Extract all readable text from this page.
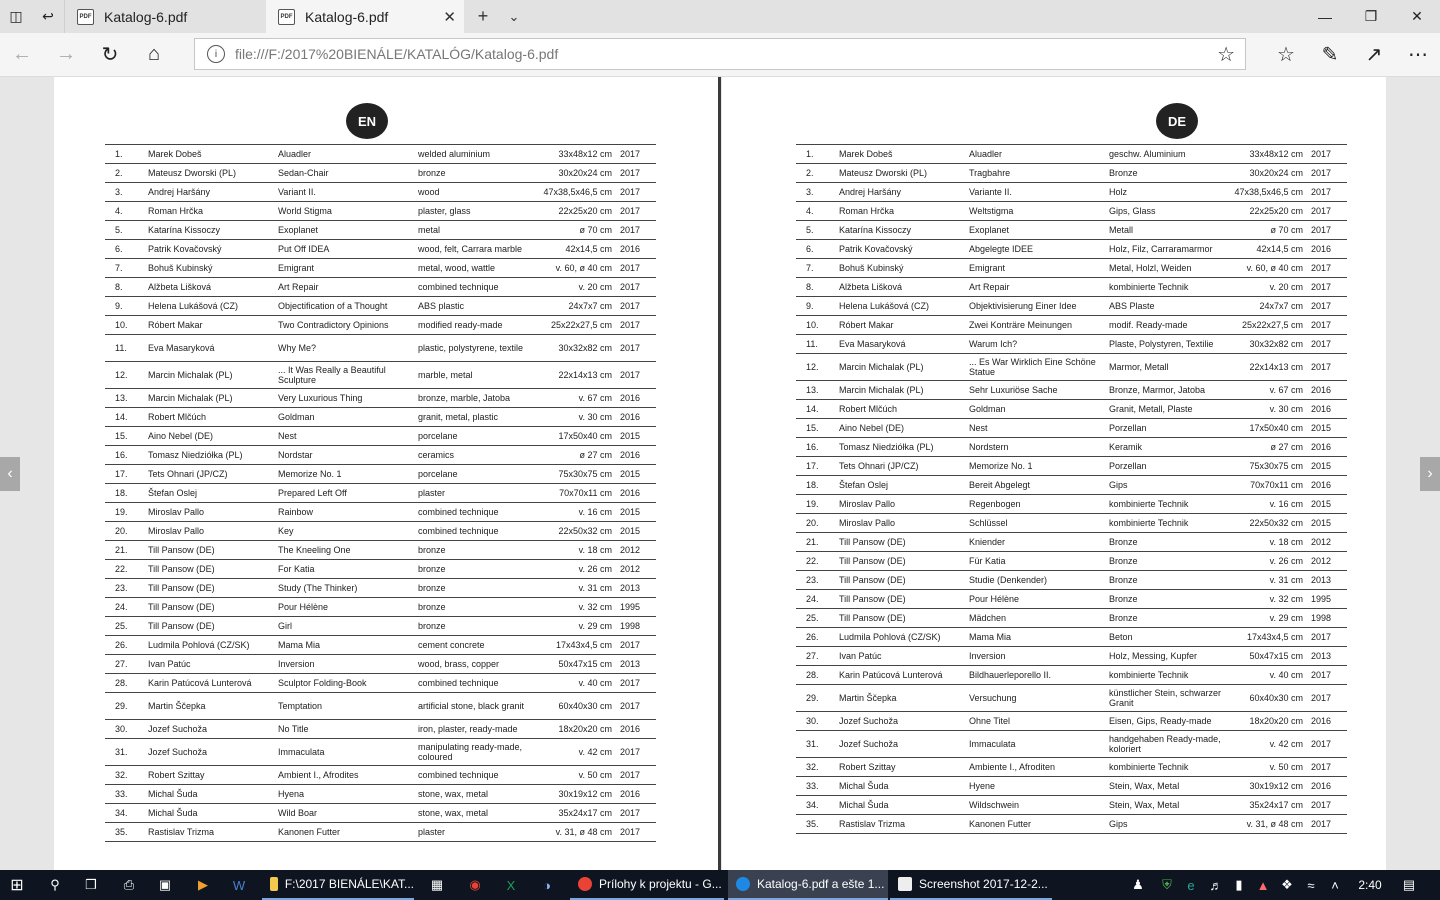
◫	↩	PDF Katalog-6.pdf	PDF Katalog-6.pdf	✕	+	⌄	—	❐	✕
←	→	↻	⌂	i	file:///F:/2017%20BIENÁLE/KATALÓG/Katalog-6.pdf	☆	☆	✎	↗	⋯
EN
1.	Marek Dobeš	Aluadler	welded aluminium	33x48x12 cm	2017
2.	Mateusz Dworski (PL)	Sedan-Chair	bronze	30x20x24 cm	2017
3.	Andrej Haršány	Variant II.	wood	47x38,5x46,5 cm	2017
4.	Roman Hrčka	World Stigma	plaster, glass	22x25x20 cm	2017
5.	Katarína Kissoczy	Exoplanet	metal	ø 70 cm	2017
6.	Patrik Kovačovský	Put Off IDEA	wood, felt, Carrara marble	42x14,5 cm	2016
7.	Bohuš Kubinský	Emigrant	metal, wood, wattle	v. 60, ø 40 cm	2017
8.	Alžbeta Lišková	Art Repair	combined technique	v. 20 cm	2017
9.	Helena Lukášová (CZ)	Objectification of a Thought	ABS plastic	24x7x7 cm	2017
10.	Róbert Makar	Two Contradictory Opinions	modified ready-made	25x22x27,5 cm	2017
11.	Eva Masaryková	Why Me?	plastic, polystyrene, textile	30x32x82 cm	2017
12.	Marcin Michalak (PL)	... It Was Really a Beautiful Sculpture	marble, metal	22x14x13 cm	2017
13.	Marcin Michalak (PL)	Very Luxurious Thing	bronze, marble, Jatoba	v. 67 cm	2016
14.	Robert Mlčúch	Goldman	granit, metal, plastic	v. 30 cm	2016
15.	Aino Nebel (DE)	Nest	porcelane	17x50x40 cm	2015
16.	Tomasz Niedziółka (PL)	Nordstar	ceramics	ø 27 cm	2016
17.	Tets Ohnari (JP/CZ)	Memorize No. 1	porcelane	75x30x75 cm	2015
18.	Štefan Oslej	Prepared Left Off	plaster	70x70x11 cm	2016
19.	Miroslav Pallo	Rainbow	combined technique	v. 16 cm	2015
20.	Miroslav Pallo	Key	combined technique	22x50x32 cm	2015
21.	Till Pansow (DE)	The Kneeling One	bronze	v. 18 cm	2012
22.	Till Pansow (DE)	For Katia	bronze	v. 26 cm	2012
23.	Till Pansow (DE)	Study (The Thinker)	bronze	v. 31 cm	2013
24.	Till Pansow (DE)	Pour Hélène	bronze	v. 32 cm	1995
25.	Till Pansow (DE)	Girl	bronze	v. 29 cm	1998
26.	Ludmila Pohlová (CZ/SK)	Mama Mia	cement concrete	17x43x4,5 cm	2017
27.	Ivan Patúc	Inversion	wood, brass, copper	50x47x15 cm	2013
28.	Karin Patúcová Lunterová	Sculptor Folding-Book	combined technique	v. 40 cm	2017
29.	Martin Ščepka	Temptation	artificial stone, black granit	60x40x30 cm	2017
30.	Jozef Suchoža	No Title	iron, plaster, ready-made	18x20x20 cm	2016
31.	Jozef Suchoža	Immaculata	manipulating ready-made, coloured	v. 42 cm	2017
32.	Robert Szittay	Ambient I., Afrodites	combined technique	v. 50 cm	2017
33.	Michal Šuda	Hyena	stone, wax, metal	30x19x12 cm	2016
34.	Michal Šuda	Wild Boar	stone, wax, metal	35x24x17 cm	2017
35.	Rastislav Trizma	Kanonen Futter	plaster	v. 31, ø 48 cm	2017
DE
1.	Marek Dobeš	Aluadler	geschw. Aluminium	33x48x12 cm	2017
2.	Mateusz Dworski (PL)	Tragbahre	Bronze	30x20x24 cm	2017
3.	Andrej Haršány	Variante II.	Holz	47x38,5x46,5 cm	2017
4.	Roman Hrčka	Weltstigma	Gips, Glass	22x25x20 cm	2017
5.	Katarína Kissoczy	Exoplanet	Metall	ø 70 cm	2017
6.	Patrik Kovačovský	Abgelegte IDEE	Holz, Filz, Carraramarmor	42x14,5 cm	2016
7.	Bohuš Kubinský	Emigrant	Metal, Holzl, Weiden	v. 60, ø 40 cm	2017
8.	Alžbeta Lišková	Art Repair	kombinierte Technik	v. 20 cm	2017
9.	Helena Lukášová (CZ)	Objektivisierung Einer Idee	ABS Plaste	24x7x7 cm	2017
10.	Róbert Makar	Zwei Konträre Meinungen	modif. Ready-made	25x22x27,5 cm	2017
11.	Eva Masaryková	Warum Ich?	Plaste, Polystyren, Textilie	30x32x82 cm	2017
12.	Marcin Michalak (PL)	... Es War Wirklich Eine Schöne Statue	Marmor, Metall	22x14x13 cm	2017
13.	Marcin Michalak (PL)	Sehr Luxuriöse Sache	Bronze, Marmor, Jatoba	v. 67 cm	2016
14.	Robert Mlčúch	Goldman	Granit, Metall, Plaste	v. 30 cm	2016
15.	Aino Nebel (DE)	Nest	Porzellan	17x50x40 cm	2015
16.	Tomasz Niedziółka (PL)	Nordstern	Keramik	ø 27 cm	2016
17.	Tets Ohnari (JP/CZ)	Memorize No. 1	Porzellan	75x30x75 cm	2015
18.	Štefan Oslej	Bereit Abgelegt	Gips	70x70x11 cm	2016
19.	Miroslav Pallo	Regenbogen	kombinierte Technik	v. 16 cm	2015
20.	Miroslav Pallo	Schlüssel	kombinierte Technik	22x50x32 cm	2015
21.	Till Pansow (DE)	Kniender	Bronze	v. 18 cm	2012
22.	Till Pansow (DE)	Für Katia	Bronze	v. 26 cm	2012
23.	Till Pansow (DE)	Studie (Denkender)	Bronze	v. 31 cm	2013
24.	Till Pansow (DE)	Pour Hélène	Bronze	v. 32 cm	1995
25.	Till Pansow (DE)	Mädchen	Bronze	v. 29 cm	1998
26.	Ludmila Pohlová (CZ/SK)	Mama Mia	Beton	17x43x4,5 cm	2017
27.	Ivan Patúc	Inversion	Holz, Messing, Kupfer	50x47x15 cm	2013
28.	Karin Patúcová Lunterová	Bildhauerleporello II.	kombinierte Technik	v. 40 cm	2017
29.	Martin Ščepka	Versuchung	künstlicher Stein, schwarzer Granit	60x40x30 cm	2017
30.	Jozef Suchoža	Ohne Titel	Eisen, Gips, Ready-made	18x20x20 cm	2016
31.	Jozef Suchoža	Immaculata	handgehaben Ready-made, koloriert	v. 42 cm	2017
32.	Robert Szittay	Ambiente I., Afroditen	kombinierte Technik	v. 50 cm	2017
33.	Michal Šuda	Hyene	Stein, Wax, Metal	30x19x12 cm	2016
34.	Michal Šuda	Wildschwein	Stein, Wax, Metal	35x24x17 cm	2017
35.	Rastislav Trizma	Kanonen Futter	Gips	v. 31, ø 48 cm	2017
‹	›
⊞	⚲	❒	⎙	▣	▶	W	F:\2017 BIENÁLE\KAT...	▦	◉	X	◑	Prílohy k projektu - G...	Katalog-6.pdf a ešte 1...	Screenshot 2017-12-2...	♟	⛨	e	♬ ▮	▲ ❖	≈	˄	2:40	▤
